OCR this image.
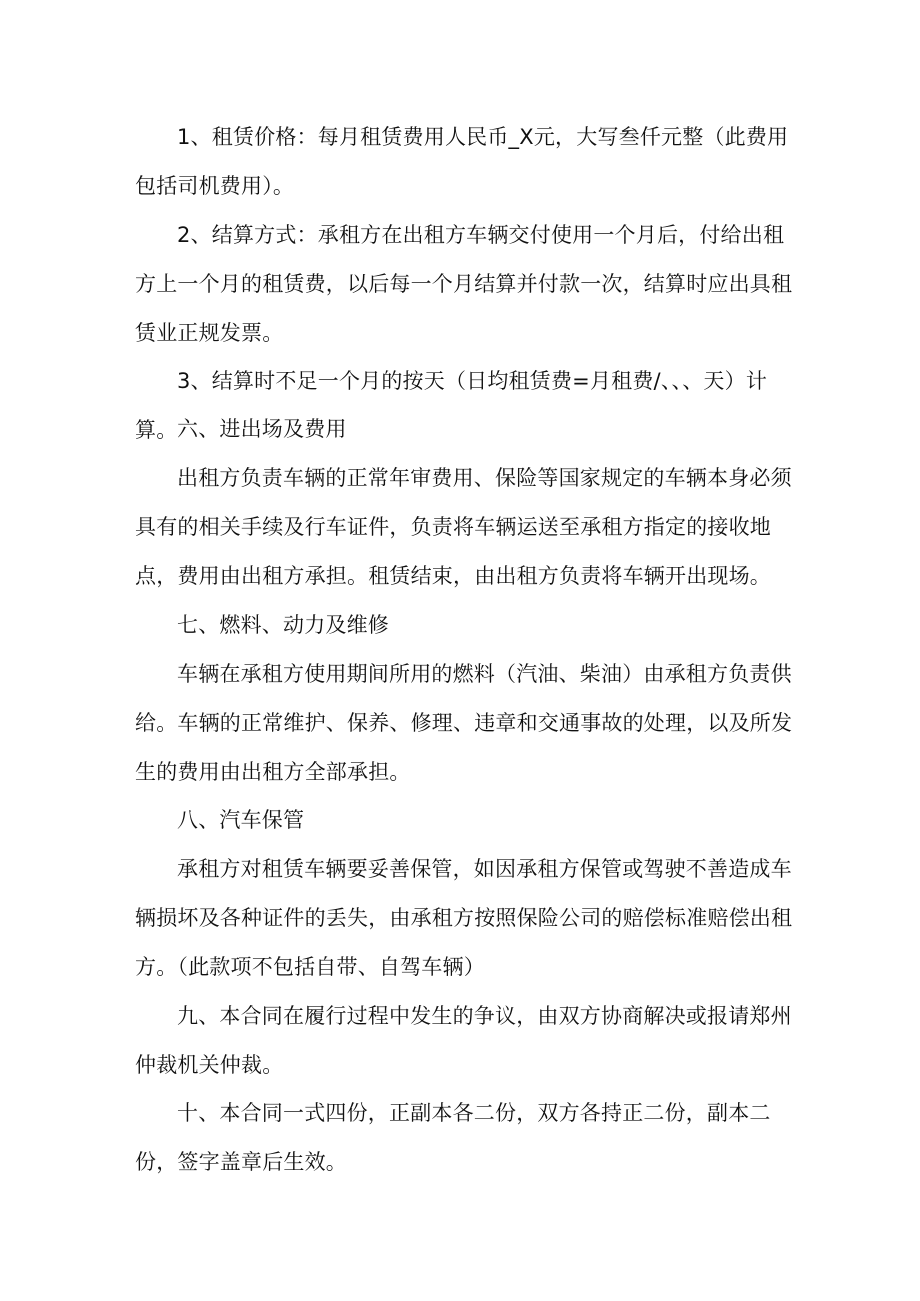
1、租赁价格：每月租赁费用人民币_X元，大写叁仟元整（此费用包括司机费用）。

2、结算方式：承租方在出租方车辆交付使用一个月后，付给出租方上一个月的租赁费，以后每一个月结算并付款一次，结算时应出具租赁业正规发票。

3、结算时不足一个月的按天（日均租赁费=月租费/、、、天）计算。 六、进出场及费用

出租方负责车辆的正常年审费用、保险等国家规定的车辆本身必须具有的相关手续及行车证件，负责将车辆运送至承租方指定的接收地点，费用由出租方承担。租赁结束，由出租方负责将车辆开出现场。

七、燃料、动力及维修

车辆在承租方使用期间所用的燃料（汽油、柴油）由承租方负责供给。车辆的正常维护、保养、修理、违章和交通事故的处理，以及所发生的费用由出租方全部承担。

八、汽车保管

承租方对租赁车辆要妥善保管，如因承租方保管或驾驶不善造成车辆损坏及各种证件的丢失，由承租方按照保险公司的赔偿标准赔偿出租方。（此款项不包括自带、自驾车辆）

九、本合同在履行过程中发生的争议，由双方协商解决或报请郑州仲裁机关仲裁。

十、本合同一式四份，正副本各二份，双方各持正二份，副本二份，签字盖章后生效。
